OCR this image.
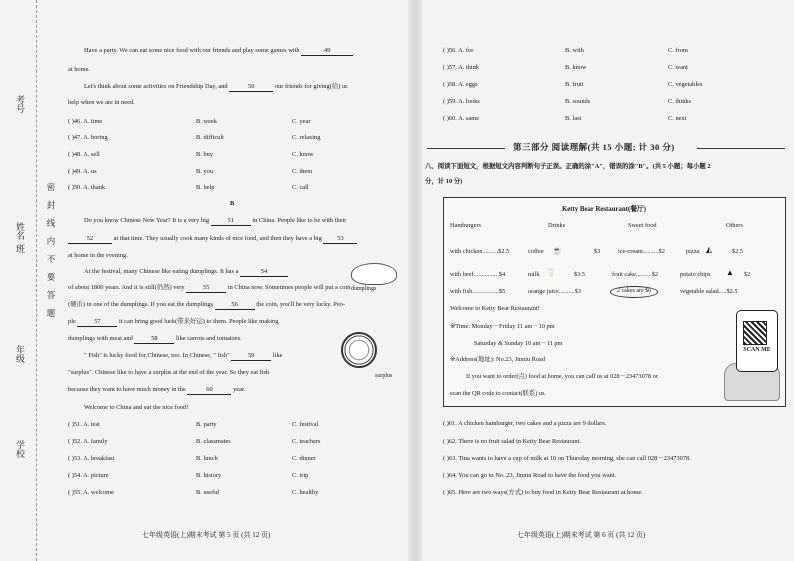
考号
姓名
班
年级
学校
密
封
线
内
不
要
答
题
Have a party. We can eat some nice food with our friends and play some games with	49
at home.
Let's think about some activities on Friendship Day, and	50	our friends for giving(给) us
help when we are in need.
( )46. A. time	B. week	C. year
( )47. A. boring	B. difficult	C. relaxing
( )48. A. sell	B. buy	C. know
( )49. A. us	B. you	C. them
( )50. A. thank	B. help	C. call
B
Do you know Chinese New Year? It is a very big	51	in China. People like to be with their
52	at that time. They usually cook many kinds of nice food, and then they have a big 53
at home in the evening.
At the festival, many Chinese like eating dumplings. It has a	54
dumplings
of about 1800 years. And it is still(仍然) very	55	in China now. Sometimes people will put a coin
(硬币) in one of the dumplings. If you eat the dumplings	56	the coin, you'll be very lucky. Peo-
ple	57	it can bring good luck(带来好运) to them. People like making
dumplings with meat and	58	like carrots and tomatoes.
" Fish" is lucky food for Chinese, too. In Chinese, " fish"	59	like
"surplus". Chinese like to have a surplus at the end of the year. So they eat fish	surplus
because they want to have much money in the	60	year.
Welcome to China and eat the nice food!
( )51. A. test	B. party	C. festival
( )52. A. family	B. classmates	C. teachers
( )53. A. breakfast	B. lunch	C. dinner
( )54. A. picture	B. history	C. trip
( )55. A. welcome	B. useful	C. healthy
七年级英语(上)期末考试 第 5 页 (共 12 页)
( )56. A. for	B. with	C. from
( )57. A. think	B. know	C. want
( )58. A. eggs	B. fruit	C. vegetables
( )59. A. looks	B. sounds	C. thinks
( )60. A. same	B. last	C. next
第三部分 阅读理解(共 15 小题; 计 30 分)
八、阅读下面短文，根据短文内容判断句子正误。正确的涂"A"，错误的涂"B"。(共 5 小题；每小题 2
分，计 10 分)
Ketty Bear Restaurant(餐厅)
Hamburgers	Drinks	Sweet food	Others
with chicken..........$2.5	coffee ☕	$3	ice-cream..........$2	pizza ◭	$2.5
with beef................$4	milk 🥛	$3.5	fruit cake..........$2	potato chips ▲ $2
with fish.................$5	orange juice..........$3	2 cakes are $6	vegetable salad.....$2.5
Welcome to Ketty Bear Restaurant!
※Time: Monday－Friday 11 am－10 pm
Saturday & Sunday 10 am－11 pm
※Address(地址): No.23, Jinniu Road
If you want to order(点) food at home, you can call us at 028－23473078 or
scan the QR code to contact(联系) us.
SCAN ME
( )61. A chicken hamburger, two cakes and a pizza are 9 dollars.
( )62. There is no fruit salad in Ketty Bear Restaurant.
( )63. Tina wants to have a cup of milk at 10 on Thursday morning, she can call 028－23473078.
( )64. You can go to No. 23, Jinniu Road to have the food you want.
( )65. Here are two ways(方式) to buy food in Ketty Bear Restaurant at home.
七年级英语(上)期末考试 第 6 页 (共 12 页)
